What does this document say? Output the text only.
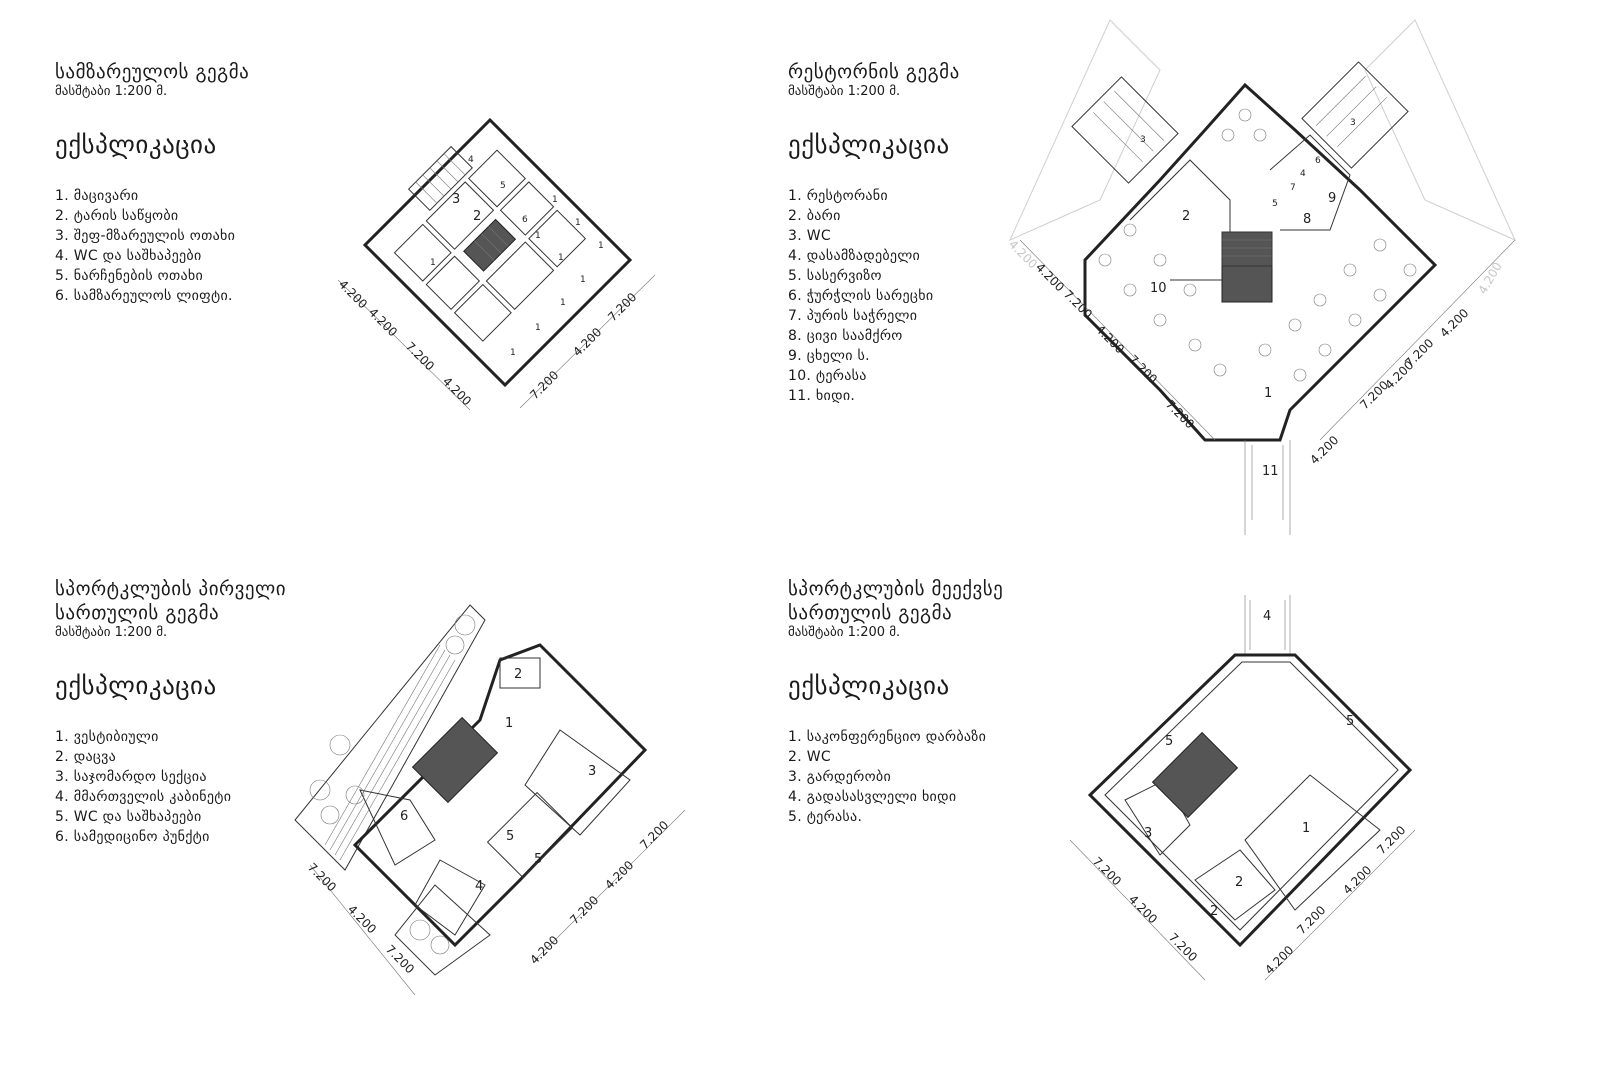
სამზარეულოს გეგმა

მასშტაბი 1:200 მ.

ექსპლიკაცია
1. მაცივარი
2. ტარის საწყობი
3. შეფ-მზარეულის ოთახი
4. WC და საშხაპეები
5. ნარჩენების ოთახი
6. სამზარეულოს ლიფტი.
რესტორნის გეგმა

მასშტაბი 1:200 მ.

ექსპლიკაცია
1. რესტორანი
2. ბარი
3. WC
4. დასამზადებელი
5. სასერვიზო
6. ჭურჭლის სარეცხი
7. პურის საჭრელი
8. ცივი საამქრო
9. ცხელი ს.
10. ტერასა
11. ხიდი.
სპორტკლუბის პირველი
სართულის გეგმა

მასშტაბი 1:200 მ.

ექსპლიკაცია
1. ვესტიბიული
2. დაცვა
3. საჯომარდო სექცია
4. მმართველის კაბინეტი
5. WC და საშხაპეები
6. სამედიცინო პუნქტი
სპორტკლუბის მეექვსე
სართულის გეგმა

მასშტაბი 1:200 მ.

ექსპლიკაცია
1. საკონფერენციო დარბაზი
2. WC
3. გარდერობი
4. გადასასვლელი ხიდი
5. ტერასა.
3
4
2
5
6
1
1
1
1
1
1
1
1
1
1
4.200
4.200
7.200
4.200	7.200
4.200
7.200
3
3
2
6
4
7
5	9
8
10
1
11
4.200
4.200
7.200
4.200
7.200
7.200
4.200
7.200
7.200
4.200
4.200
4.200
2
1
3
6
5
5
4
7.200
4.200
7.200	4.200
7.200
4.200
7.200
4
5
5
1
3
2
2
7.200
4.200
7.200	4.200
7.200
4.200
7.200
